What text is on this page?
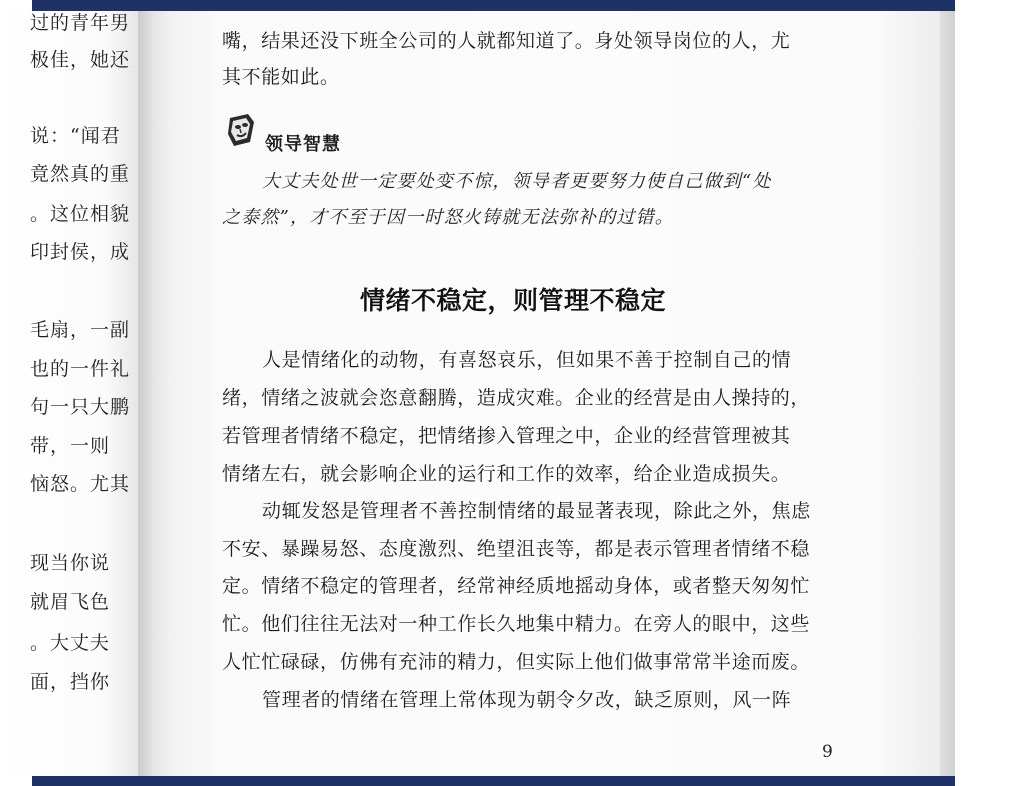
过的青年男
极佳，她还
说：“闻君
竟然真的重
。这位相貌
印封侯，成
毛扇，一副
也的一件礼
句一只大鹏
带，一则
恼怒。尤其
现当你说
就眉飞色
。大丈夫
面，挡你
嘴，结果还没下班全公司的人就都知道了。身处领导岗位的人，尤
其不能如此。
领导智慧
大丈夫处世一定要处变不惊，领导者更要努力使自己做到“处
之泰然”，才不至于因一时怒火铸就无法弥补的过错。
情绪不稳定，则管理不稳定
人是情绪化的动物，有喜怒哀乐，但如果不善于控制自己的情
绪，情绪之波就会恣意翻腾，造成灾难。企业的经营是由人操持的，
若管理者情绪不稳定，把情绪掺入管理之中，企业的经营管理被其
情绪左右，就会影响企业的运行和工作的效率，给企业造成损失。
动辄发怒是管理者不善控制情绪的最显著表现，除此之外，焦虑
不安、暴躁易怒、态度激烈、绝望沮丧等，都是表示管理者情绪不稳
定。情绪不稳定的管理者，经常神经质地摇动身体，或者整天匆匆忙
忙。他们往往无法对一种工作长久地集中精力。在旁人的眼中，这些
人忙忙碌碌，仿佛有充沛的精力，但实际上他们做事常常半途而废。
管理者的情绪在管理上常体现为朝令夕改，缺乏原则，风一阵
9
